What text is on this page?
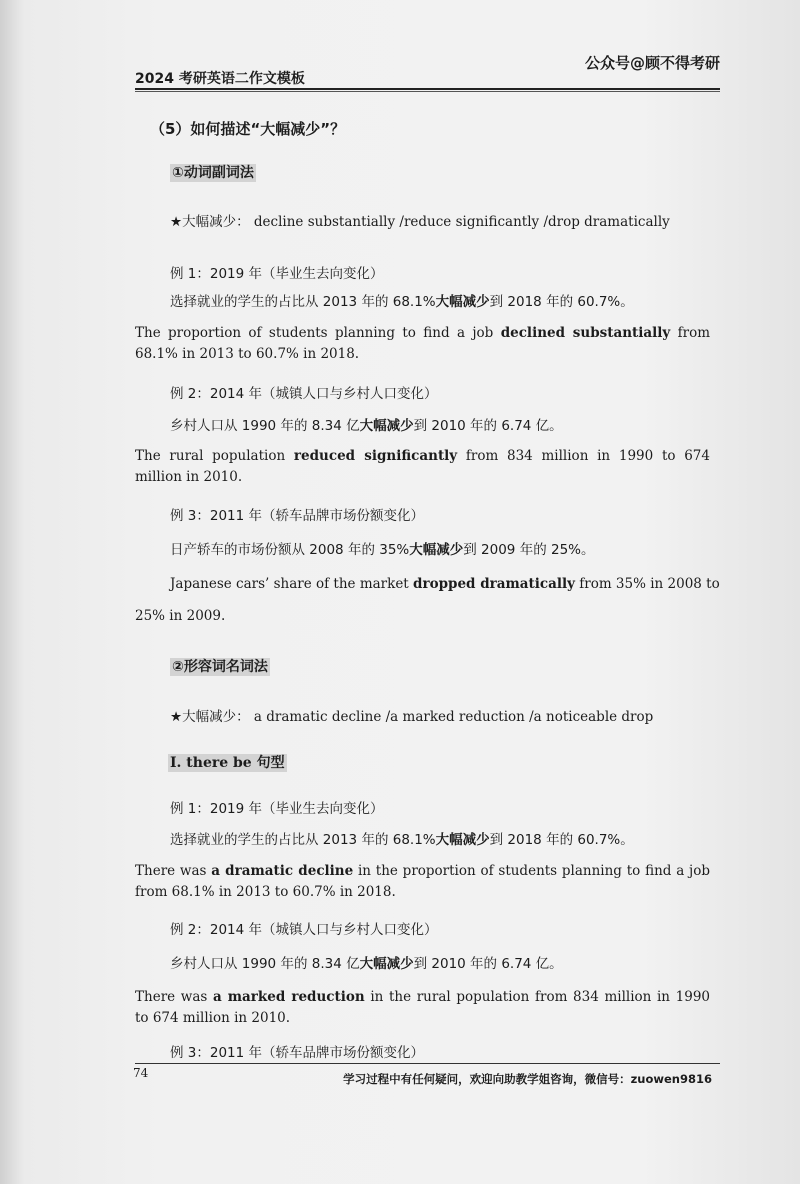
2024 考研英语二作文模板
公众号@顾不得考研
（5）如何描述“大幅减少”？
①动词副词法
★大幅减少： decline substantially /reduce significantly /drop dramatically
例 1：2019 年（毕业生去向变化）
选择就业的学生的占比从 2013 年的 68.1%大幅减少到 2018 年的 60.7%。
The proportion of students planning to find a job declined substantially from 68.1% in 2013 to 60.7% in 2018.
例 2：2014 年（城镇人口与乡村人口变化）
乡村人口从 1990 年的 8.34 亿大幅减少到 2010 年的 6.74 亿。
The rural population reduced significantly from 834 million in 1990 to 674 million in 2010.
例 3：2011 年（轿车品牌市场份额变化）
日产轿车的市场份额从 2008 年的 35%大幅减少到 2009 年的 25%。
Japanese cars’ share of the market dropped dramatically from 35% in 2008 to
25% in 2009.
②形容词名词法
★大幅减少： a dramatic decline /a marked reduction /a noticeable drop
I. there be 句型
例 1：2019 年（毕业生去向变化）
选择就业的学生的占比从 2013 年的 68.1%大幅减少到 2018 年的 60.7%。
There was a dramatic decline in the proportion of students planning to find a job from 68.1% in 2013 to 60.7% in 2018.
例 2：2014 年（城镇人口与乡村人口变化）
乡村人口从 1990 年的 8.34 亿大幅减少到 2010 年的 6.74 亿。
There was a marked reduction in the rural population from 834 million in 1990 to 674 million in 2010.
例 3：2011 年（轿车品牌市场份额变化）
74	学习过程中有任何疑问，欢迎向助教学姐咨询，微信号：zuowen9816
